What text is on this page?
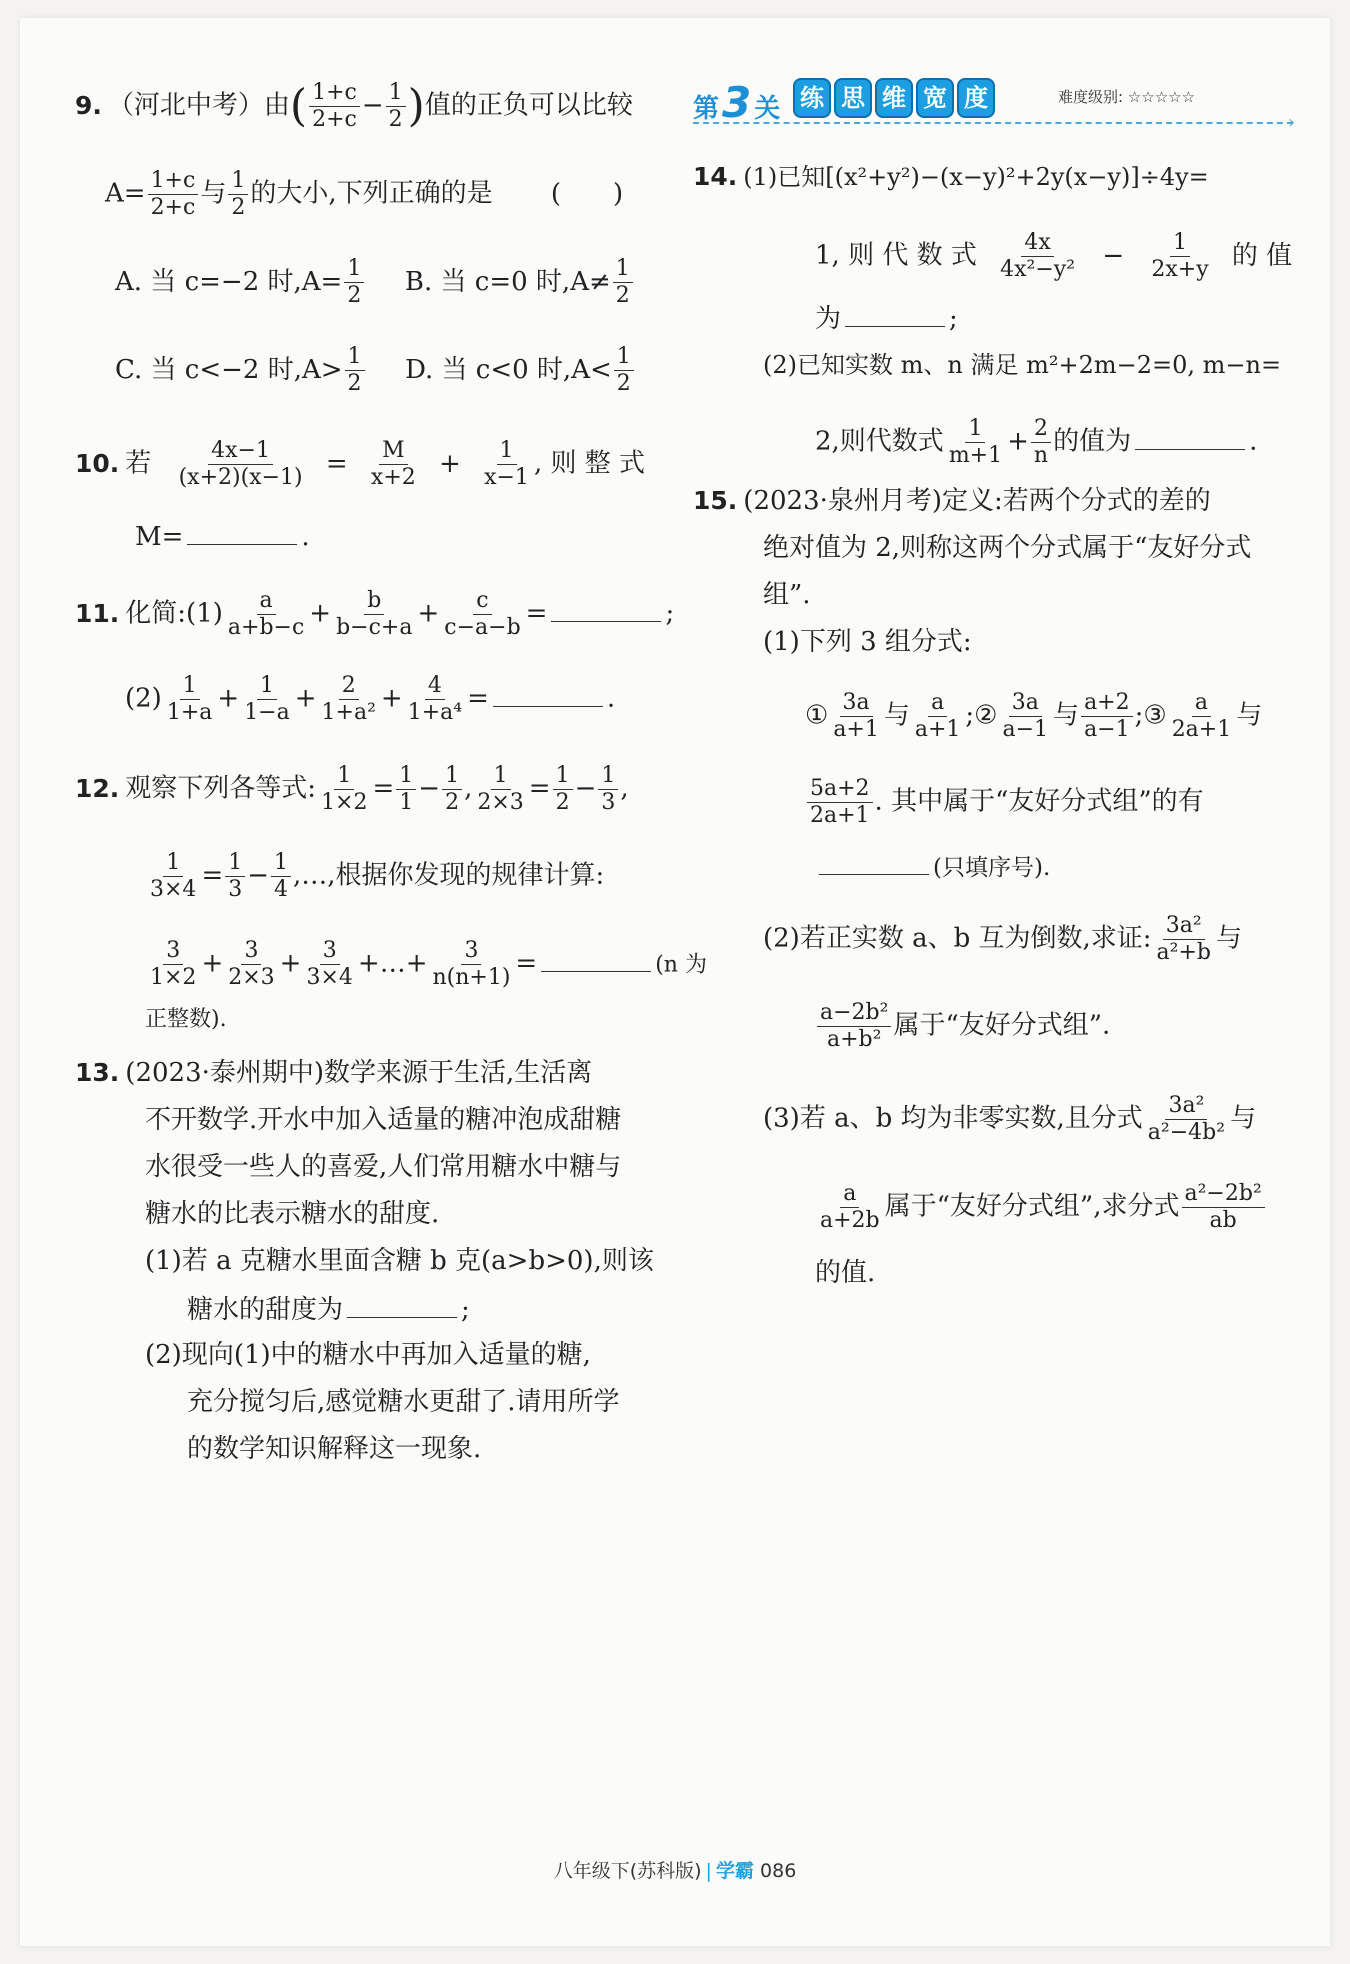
9. （河北中考）由( $\frac{1+c}{2+c} - \frac{1}{2}$ )值的正负可以比较
$A= \frac{1+c}{2+c}$ 与 $\frac{1}{2}$ 的大小,下列正确的是 (　　)
A. 当 c=−2 时$,A= \frac{1}{2} B$. 当 c=0 时$,A\ne \frac{1}{2}$
C. 当 c<−2 时$,A> \frac{1}{2} D$. 当 c<0 时$,A< \frac{1}{2}$
10. 若 $\frac{4x-1}{(x+2)(x-1)} = \frac{M}{x+2} + \frac{1}{x-1}$ , 则 整 式
M=	.
11. 化简:(1) $\frac{a}{a+b-c} + \frac{b}{b-c+a} + \frac{c}{c-a-b}$ =	;
$(2) \frac{1}{1+a} + \frac{1}{1-a} + \frac{2}{\text{1+a²}} + \frac{4}{\text{1+a⁴}}$ =	.
12. 观察下列各等式: $\frac{1}{1\times 2} = \frac{1}{1} - \frac{1}{2}$ , $\frac{1}{2\times 3} = \frac{1}{2} - \frac{1}{3}$ ,
$\frac{1}{3\times 4} = \frac{1}{3} - \frac{1}{4}$ ,…,根据你发现的规律计算:
$\frac{3}{1\times 2} + \frac{3}{2\times 3} + \frac{3}{3\times 4}$ +…+ $\frac{3}{n(n+1)}$ =	(n 为
正整数).
13. (2023·泰州期中)数学来源于生活,生活离
不开数学.开水中加入适量的糖冲泡成甜糖
水很受一些人的喜爱,人们常用糖水中糖与
糖水的比表示糖水的甜度.
(1)若 a 克糖水里面含糖 b 克(a>b>0),则该
糖水的甜度为	;
(2)现向(1)中的糖水中再加入适量的糖,
充分搅匀后,感觉糖水更甜了.请用所学
的数学知识解释这一现象.
第3 关 练 思 维 宽 度	难度级别: ☆☆☆☆☆
›
14. (1)已知[(x²+y²)−(x−y)²+2y(x−y)]÷4y=
1, 则 代 数 式 $\frac{4x}{\text{4x²−y²}} - \frac{1}{2x+y}$ 的 值
为	;
(2)已知实数 m、n 满足 m²+2m−2=0, m−n=
2,则代数式 $\frac{1}{m+1} + \frac{2}{n}$ 的值为	.
15. (2023·泉州月考)定义:若两个分式的差的
绝对值为 2,则称这两个分式属于“友好分式
组”.
(1)下列 3 组分式:
① $\frac{3a}{a+1}$ 与 $\frac{a}{a+1}$ ;② $\frac{3a}{a-1}$ 与 $\frac{a+2}{a-1}$ ;③ $\frac{a}{2a+1}$ 与
$\frac{5a+2}{2a+1}$ . 其中属于“友好分式组”的有
(只填序号).
(2)若正实数 a、b 互为倒数,求证: $\frac{\text{3a²}}{\text{a²+b}}$ 与
$\frac{\text{a−2b²}}{\text{a+b²}}$ 属于“友好分式组”.
(3)若 a、b 均为非零实数,且分式 $\frac{\text{3a²}}{\text{a²−4b²}}$ 与
$\frac{a}{a+2b}$ 属于“友好分式组”,求分式 $\frac{\text{a²−2b²}}{ab}$
的值.
八年级下(苏科版) | 学霸 086
